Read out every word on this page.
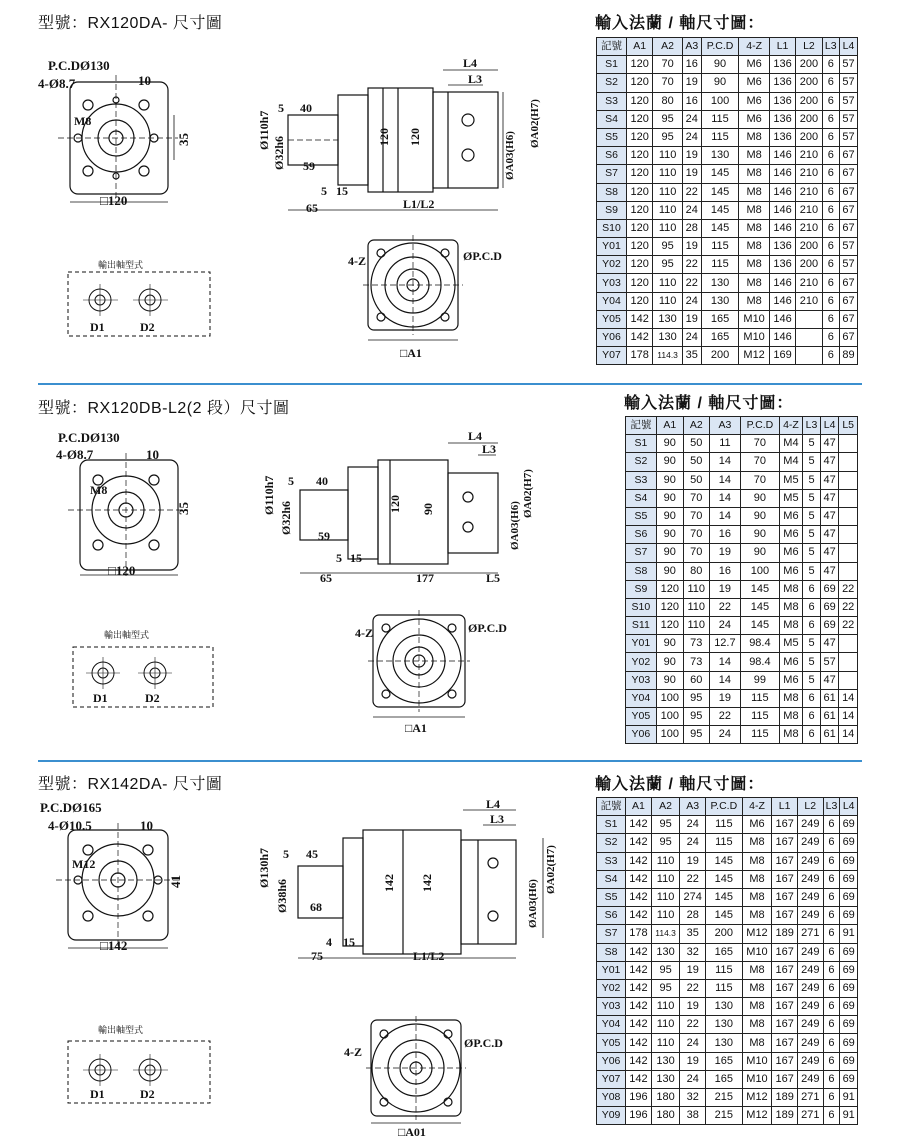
型號：RX120DA- 尺寸圖	輸入法蘭 / 軸尺寸圖：
記號	A1	A2	A3	P.C.D	4-Z	L1	L2	L3	L4
S1	120	70	16	90	M6	136	200	6	57
S2	120	70	19	90	M6	136	200	6	57
S3	120	80	16	100	M6	136	200	6	57
S4	120	95	24	115	M6	136	200	6	57
S5	120	95	24	115	M8	136	200	6	57
S6	120	110	19	130	M8	146	210	6	67
S7	120	110	19	145	M8	146	210	6	67
S8	120	110	22	145	M8	146	210	6	67
S9	120	110	24	145	M8	146	210	6	67
S10	120	110	28	145	M8	146	210	6	67
Y01	120	95	19	115	M8	136	200	6	57
Y02	120	95	22	115	M8	136	200	6	57
Y03	120	110	22	130	M8	146	210	6	67
Y04	120	110	24	130	M8	146	210	6	67
Y05	142	130	19	165	M10	146		6	67
Y06	142	130	24	165	M10	146		6	67
Y07	178	114.3	35	200	M12	169		6	89
P.C.DØ130
4-Ø8.7	10
M8
35
□120
5 40
Ø110h7
Ø32h6 59
5 15
65
120 120
L1/L2
L4
L3
ØA02(H7)
ØA03(H6)
4-Z	ØP.C.D
□A1
輸出軸型式
D1	D2
型號：RX120DB-L2(2 段）尺寸圖	輸入法蘭 / 軸尺寸圖：
記號	A1	A2	A3	P.C.D	4-Z	L3	L4	L5
S1	90	50	11	70	M4	5	47	
S2	90	50	14	70	M4	5	47	
S3	90	50	14	70	M5	5	47	
S4	90	70	14	90	M5	5	47	
S5	90	70	14	90	M6	5	47	
S6	90	70	16	90	M6	5	47	
S7	90	70	19	90	M6	5	47	
S8	90	80	16	100	M6	5	47	
S9	120	110	19	145	M8	6	69	22
S10	120	110	22	145	M8	6	69	22
S11	120	110	24	145	M8	6	69	22
Y01	90	73	12.7	98.4	M5	5	47	
Y02	90	73	14	98.4	M6	5	57	
Y03	90	60	14	99	M6	5	47	
Y04	100	95	19	115	M8	6	61	14
Y05	100	95	22	115	M8	6	61	14
Y06	100	95	24	115	M8	6	61	14
P.C.DØ130
4-Ø8.7	10
M8
35
□120
5 40
Ø110h7
Ø32h6
59
5 15
65
120 90
177	L5
L4
L3
ØA02(H7)
ØA03(H6)
4-Z	ØP.C.D
□A1
輸出軸型式
D1	D2
型號：RX142DA- 尺寸圖	輸入法蘭 / 軸尺寸圖：
記號	A1	A2	A3	P.C.D	4-Z	L1	L2	L3	L4
S1	142	95	24	115	M6	167	249	6	69
S2	142	95	24	115	M8	167	249	6	69
S3	142	110	19	145	M8	167	249	6	69
S4	142	110	22	145	M8	167	249	6	69
S5	142	110	274	145	M8	167	249	6	69
S6	142	110	28	145	M8	167	249	6	69
S7	178	114.3	35	200	M12	189	271	6	91
S8	142	130	32	165	M10	167	249	6	69
Y01	142	95	19	115	M8	167	249	6	69
Y02	142	95	22	115	M8	167	249	6	69
Y03	142	110	19	130	M8	167	249	6	69
Y04	142	110	22	130	M8	167	249	6	69
Y05	142	110	24	130	M8	167	249	6	69
Y06	142	130	19	165	M10	167	249	6	69
Y07	142	130	24	165	M10	167	249	6	69
Y08	196	180	32	215	M12	189	271	6	91
Y09	196	180	38	215	M12	189	271	6	91
P.C.DØ165
4-Ø10.5	10
M12
41
□142
5 45
Ø130h7
Ø38h6 68
4 15
75
142 142
L1/L2
L4
L3
ØA02(H7)
ØA03(H6)
4-Z
ØP.C.D
□A01
輸出軸型式
D1	D2
